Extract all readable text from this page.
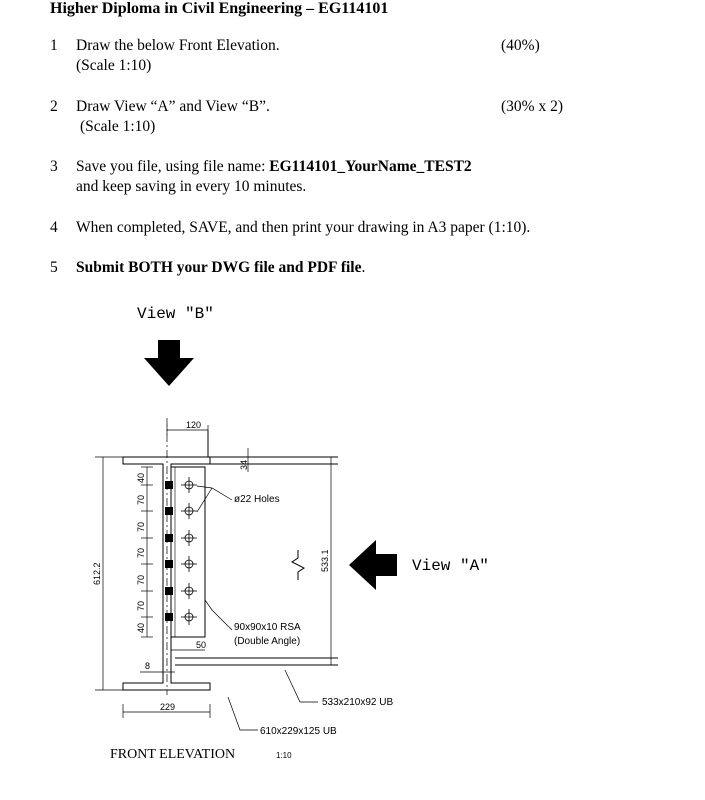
Higher Diploma in Civil Engineering – EG114101
1	Draw the below Front Elevation.
(Scale 1:10)
(40%)
2	Draw View “A” and View “B”.
(Scale 1:10)
(30% x 2)
3	Save you file, using file name: EG114101_YourName_TEST2
and keep saving in every 10 minutes.
4	When completed, SAVE, and then print your drawing in A3 paper (1:10).
5	Submit BOTH your DWG file and PDF file.
120
34
612.2
533.1
40
70
70
70
70
70
40
50
8
229
ø22 Holes
90x90x10 RSA
(Double Angle)
533x210x92 UB
610x229x125 UB
View "B"
View "A"
FRONT ELEVATION	1:10
